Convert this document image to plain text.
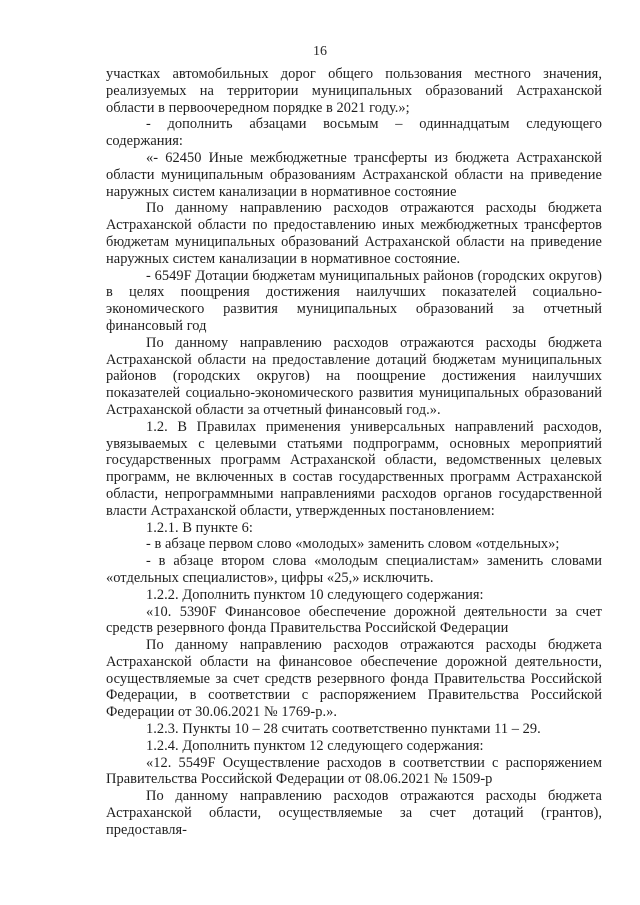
16

участках автомобильных дорог общего пользования местного значения, реализуемых на территории муниципальных образований Астраханской области в первоочередном порядке в 2021 году.»;

- дополнить абзацами восьмым – одиннадцатым следующего содержания:

«- 62450 Иные межбюджетные трансферты из бюджета Астраханской области муниципальным образованиям Астраханской области на приведение наружных систем канализации в нормативное состояние

По данному направлению расходов отражаются расходы бюджета Астраханской области по предоставлению иных межбюджетных трансфертов бюджетам муниципальных образований Астраханской области на приведение наружных систем канализации в нормативное состояние.

- 6549F Дотации бюджетам муниципальных районов (городских округов) в целях поощрения достижения наилучших показателей социально-экономического развития муниципальных образований за отчетный финансовый год

По данному направлению расходов отражаются расходы бюджета Астраханской области на предоставление дотаций бюджетам муниципальных районов (городских округов) на поощрение достижения наилучших показателей социально-экономического развития муниципальных образований Астраханской области за отчетный финансовый год.».

1.2. В Правилах применения универсальных направлений расходов, увязываемых с целевыми статьями подпрограмм, основных мероприятий государственных программ Астраханской области, ведомственных целевых программ, не включенных в состав государственных программ Астраханской области, непрограммными направлениями расходов органов государственной власти Астраханской области, утвержденных постановлением:

1.2.1. В пункте 6:

- в абзаце первом слово «молодых» заменить словом «отдельных»;

- в абзаце втором слова «молодым специалистам» заменить словами «отдельных специалистов», цифры «25,» исключить.

1.2.2. Дополнить пунктом 10 следующего содержания:

«10. 5390F Финансовое обеспечение дорожной деятельности за счет средств резервного фонда Правительства Российской Федерации

По данному направлению расходов отражаются расходы бюджета Астраханской области на финансовое обеспечение дорожной деятельности, осуществляемые за счет средств резервного фонда Правительства Российской Федерации, в соответствии с распоряжением Правительства Российской Федерации от 30.06.2021 № 1769-р.».

1.2.3. Пункты 10 – 28 считать соответственно пунктами 11 – 29.

1.2.4. Дополнить пунктом 12 следующего содержания:

«12. 5549F Осуществление расходов в соответствии с распоряжением Правительства Российской Федерации от 08.06.2021 № 1509-р

По данному направлению расходов отражаются расходы бюджета Астраханской области, осуществляемые за счет дотаций (грантов), предоставля-
